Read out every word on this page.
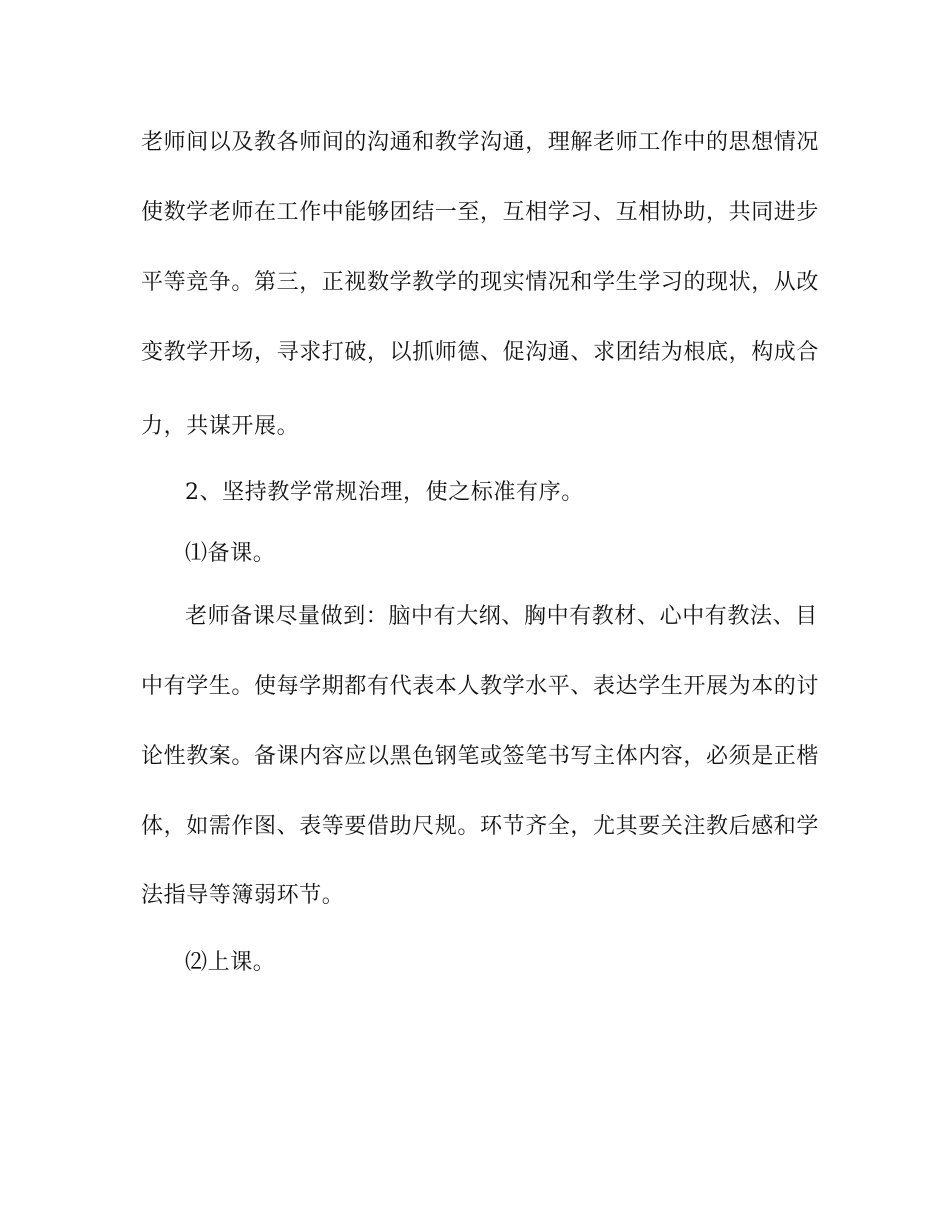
老师间以及教各师间的沟通和教学沟通，理解老师工作中的思想情况
使数学老师在工作中能够团结一至，互相学习、互相协助，共同进步
平等竞争。第三，正视数学教学的现实情况和学生学习的现状，从改
变教学开场，寻求打破，以抓师德、促沟通、求团结为根底，构成合
力，共谋开展。
2、坚持教学常规治理，使之标准有序。
⑴备课。
老师备课尽量做到：脑中有大纲、胸中有教材、心中有教法、目
中有学生。使每学期都有代表本人教学水平、表达学生开展为本的讨
论性教案。备课内容应以黑色钢笔或签笔书写主体内容，必须是正楷
体，如需作图、表等要借助尺规。环节齐全，尤其要关注教后感和学
法指导等簿弱环节。
⑵上课。
